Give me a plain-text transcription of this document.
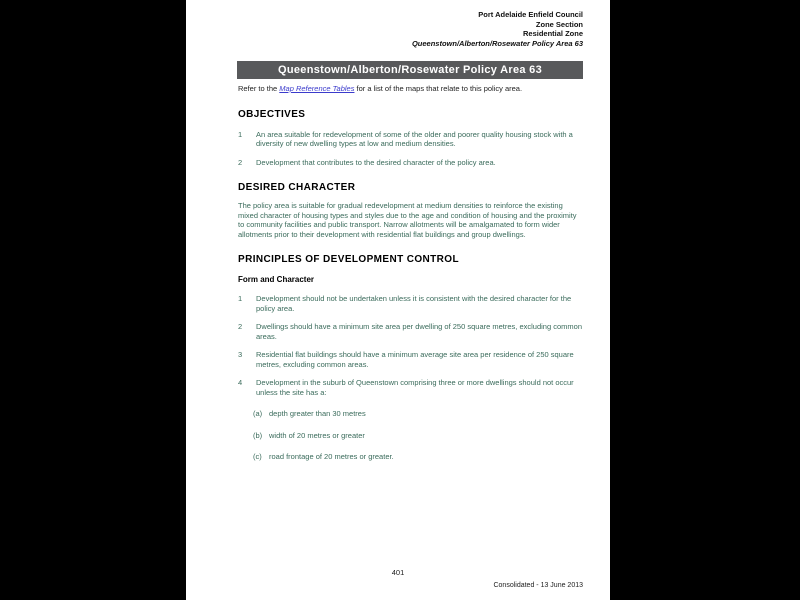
Port Adelaide Enfield Council
Zone Section
Residential Zone
Queenstown/Alberton/Rosewater Policy Area 63
Queenstown/Alberton/Rosewater Policy Area 63

Refer to the Map Reference Tables for a list of the maps that relate to this policy area.

OBJECTIVES
1	An area suitable for redevelopment of some of the older and poorer quality housing stock with a diversity of new dwelling types at low and medium densities.
2	Development that contributes to the desired character of the policy area.
DESIRED CHARACTER

The policy area is suitable for gradual redevelopment at medium densities to reinforce the existing mixed character of housing types and styles due to the age and condition of housing and the proximity to community facilities and public transport. Narrow allotments will be amalgamated to form wider allotments prior to their development with residential flat buildings and group dwellings.

PRINCIPLES OF DEVELOPMENT CONTROL
Form and Character
1	Development should not be undertaken unless it is consistent with the desired character for the policy area.
2	Dwellings should have a minimum site area per dwelling of 250 square metres, excluding common areas.
3	Residential flat buildings should have a minimum average site area per residence of 250 square metres, excluding common areas.
4	Development in the suburb of Queenstown comprising three or more dwellings should not occur unless the site has a:
(a) depth greater than 30 metres
(b) width of 20 metres or greater
(c) road frontage of 20 metres or greater.
401
Consolidated - 13 June 2013
